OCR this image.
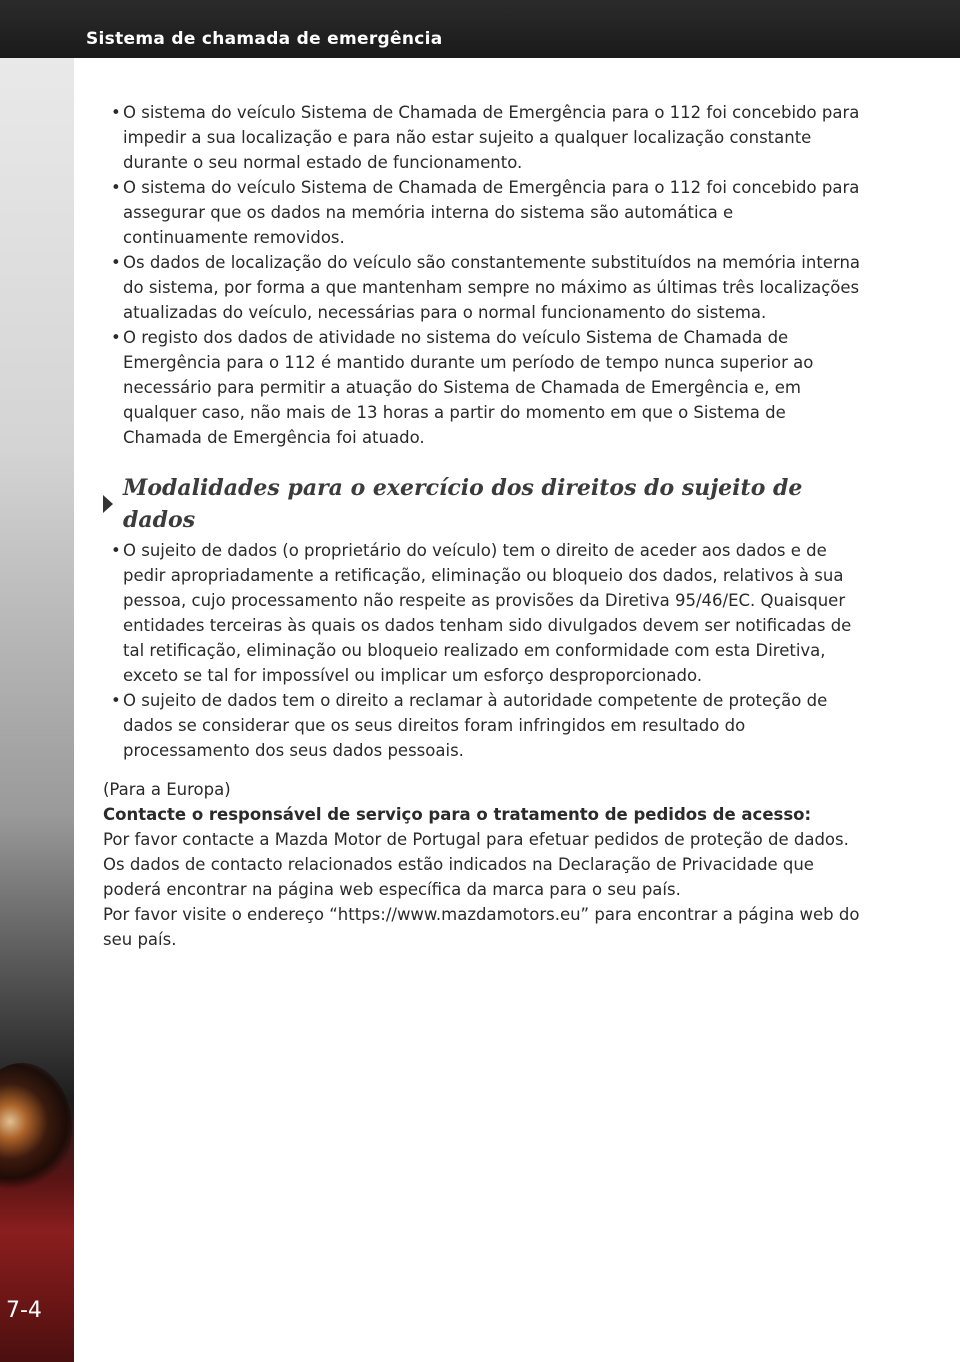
Sistema de chamada de emergência
7-4
• O sistema do veículo Sistema de Chamada de Emergência para o 112 foi concebido para impedir a sua localização e para não estar sujeito a qualquer localização constante durante o seu normal estado de funcionamento.
• O sistema do veículo Sistema de Chamada de Emergência para o 112 foi concebido para assegurar que os dados na memória interna do sistema são automática e continuamente removidos.
• Os dados de localização do veículo são constantemente substituídos na memória interna do sistema, por forma a que mantenham sempre no máximo as últimas três localizações atualizadas do veículo, necessárias para o normal funcionamento do sistema.
• O registo dos dados de atividade no sistema do veículo Sistema de Chamada de Emergência para o 112 é mantido durante um período de tempo nunca superior ao necessário para permitir a atuação do Sistema de Chamada de Emergência e, em qualquer caso, não mais de 13 horas a partir do momento em que o Sistema de Chamada de Emergência foi atuado.
Modalidades para o exercício dos direitos do sujeito de dados
• O sujeito de dados (o proprietário do veículo) tem o direito de aceder aos dados e de pedir apropriadamente a retificação, eliminação ou bloqueio dos dados, relativos à sua pessoa, cujo processamento não respeite as provisões da Diretiva 95/46/EC. Quaisquer entidades terceiras às quais os dados tenham sido divulgados devem ser notificadas de tal retificação, eliminação ou bloqueio realizado em conformidade com esta Diretiva, exceto se tal for impossível ou implicar um esforço desproporcionado.
• O sujeito de dados tem o direito a reclamar à autoridade competente de proteção de dados se considerar que os seus direitos foram infringidos em resultado do processamento dos seus dados pessoais.

(Para a Europa)

Contacte o responsável de serviço para o tratamento de pedidos de acesso:

Por favor contacte a Mazda Motor de Portugal para efetuar pedidos de proteção de dados. Os dados de contacto relacionados estão indicados na Declaração de Privacidade que poderá encontrar na página web específica da marca para o seu país.

Por favor visite o endereço “https://www.mazdamotors.eu” para encontrar a página web do seu país.
